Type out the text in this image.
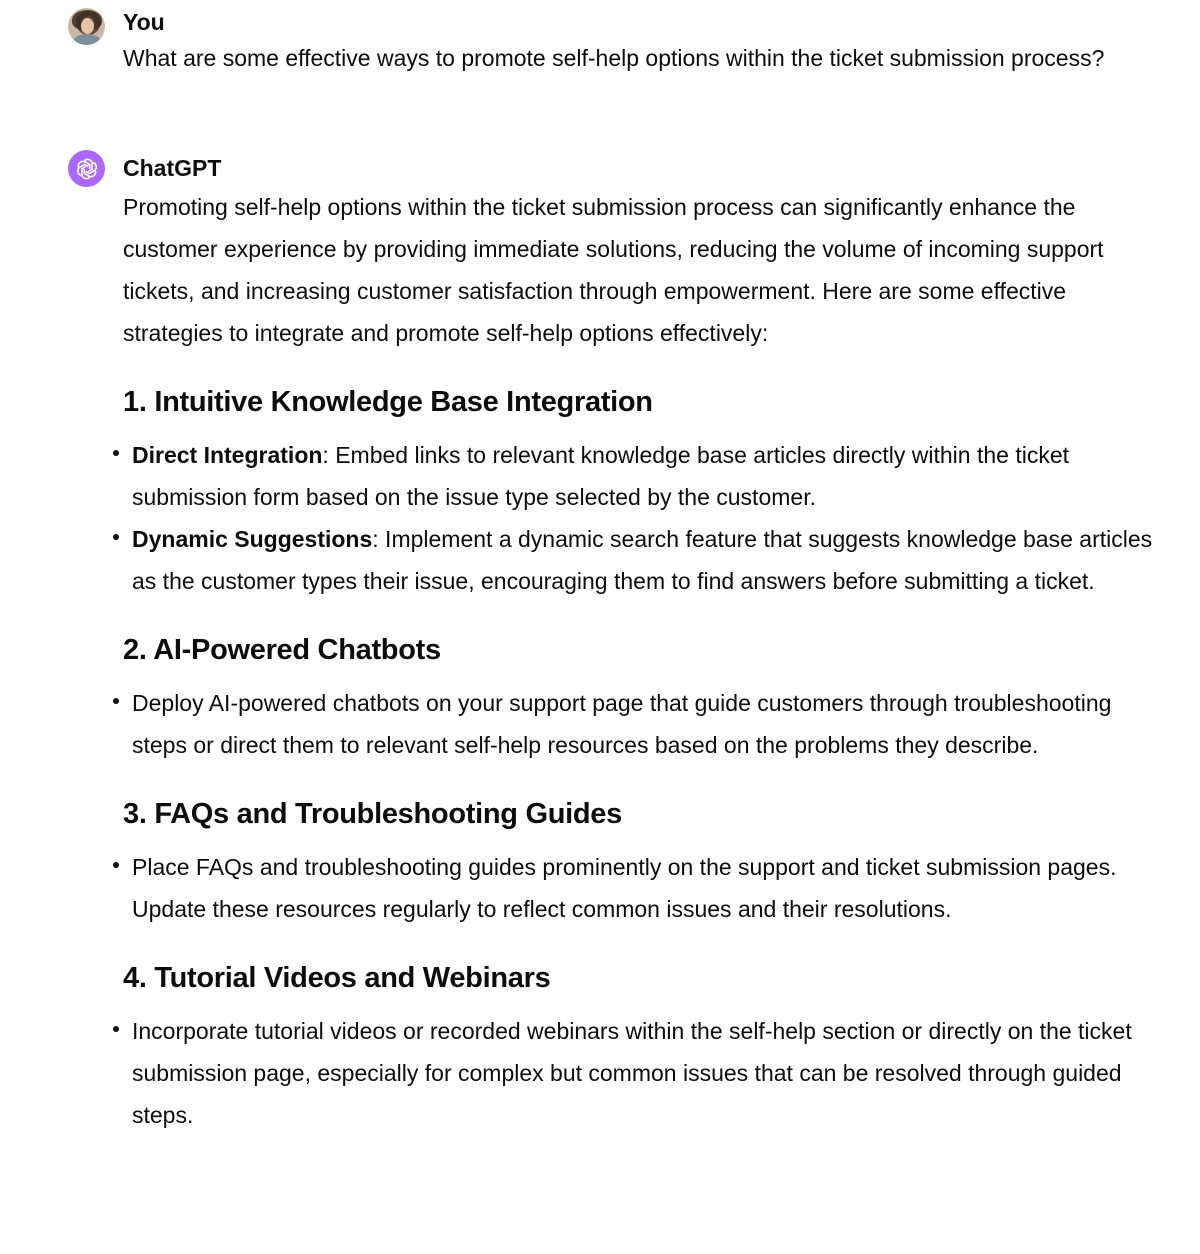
You
What are some effective ways to promote self-help options within the ticket submission process?
ChatGPT

Promoting self-help options within the ticket submission process can significantly enhance the customer experience by providing immediate solutions, reducing the volume of incoming support tickets, and increasing customer satisfaction through empowerment. Here are some effective strategies to integrate and promote self-help options effectively:

1. Intuitive Knowledge Base Integration
Direct Integration: Embed links to relevant knowledge base articles directly within the ticket submission form based on the issue type selected by the customer.
Dynamic Suggestions: Implement a dynamic search feature that suggests knowledge base articles as the customer types their issue, encouraging them to find answers before submitting a ticket.
2. AI-Powered Chatbots
Deploy AI-powered chatbots on your support page that guide customers through troubleshooting steps or direct them to relevant self-help resources based on the problems they describe.
3. FAQs and Troubleshooting Guides
Place FAQs and troubleshooting guides prominently on the support and ticket submission pages. Update these resources regularly to reflect common issues and their resolutions.
4. Tutorial Videos and Webinars
Incorporate tutorial videos or recorded webinars within the self-help section or directly on the ticket submission page, especially for complex but common issues that can be resolved through guided steps.
